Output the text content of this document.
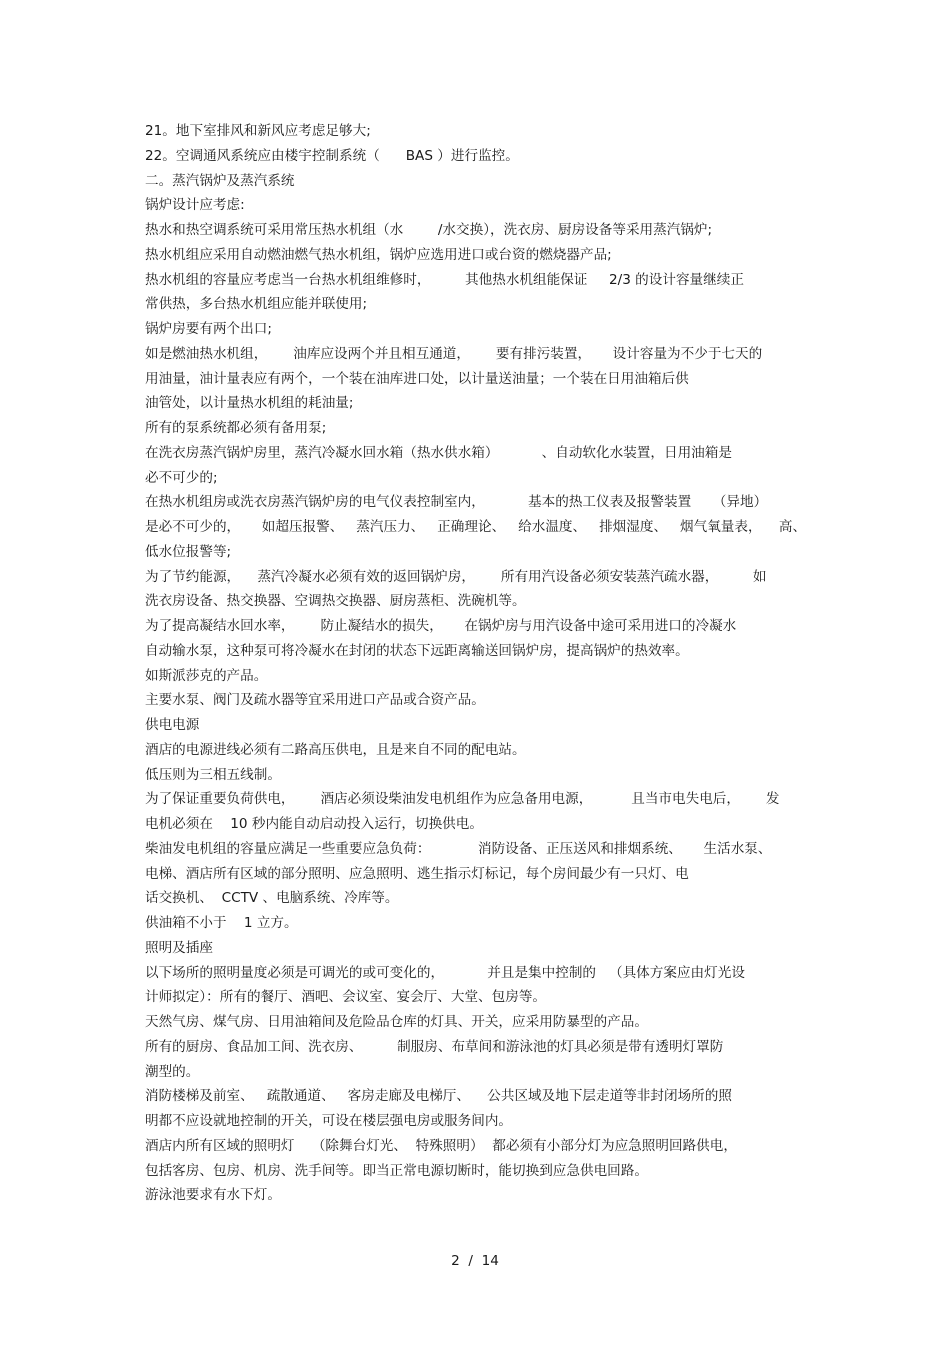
21。地下室排风和新风应考虑足够大;
22。空调通风系统应由楼宇控制系统（      BAS ）进行监控。
二。蒸汽锅炉及蒸汽系统
锅炉设计应考虑:
热水和热空调系统可采用常压热水机组（水        /水交换），洗衣房、厨房设备等采用蒸汽锅炉;
热水机组应采用自动燃油燃气热水机组，锅炉应选用进口或台资的燃烧器产品;
热水机组的容量应考虑当一台热水机组维修时，        其他热水机组能保证     2/3 的设计容量继续正
常供热，多台热水机组应能并联使用;
锅炉房要有两个出口;
如是燃油热水机组，      油库应设两个并且相互通道，      要有排污装置，     设计容量为不少于七天的
用油量，油计量表应有两个，一个装在油库进口处，以计量送油量；一个装在日用油箱后供
油管处，以计量热水机组的耗油量;
所有的泵系统都必须有备用泵;
在洗衣房蒸汽锅炉房里，蒸汽冷凝水回水箱（热水供水箱）          、自动软化水装置，日用油箱是
必不可少的;
在热水机组房或洗衣房蒸汽锅炉房的电气仪表控制室内，          基本的热工仪表及报警装置     （异地）
是必不可少的，     如超压报警、   蒸汽压力、   正确理论、   给水温度、   排烟湿度、   烟气氧量表，    高、
低水位报警等;
为了节约能源，    蒸汽冷凝水必须有效的返回锅炉房，      所有用汽设备必须安装蒸汽疏水器，        如
洗衣房设备、热交换器、空调热交换器、厨房蒸柜、洗碗机等。
为了提高凝结水回水率，      防止凝结水的损失，     在锅炉房与用汽设备中途可采用进口的冷凝水
自动输水泵，这种泵可将冷凝水在封闭的状态下远距离输送回锅炉房，提高锅炉的热效率。
如斯派莎克的产品。
主要水泵、阀门及疏水器等宜采用进口产品或合资产品。
供电电源
酒店的电源进线必须有二路高压供电，且是来自不同的配电站。
低压则为三相五线制。
为了保证重要负荷供电，      酒店必须设柴油发电机组作为应急备用电源，         且当市电失电后，      发
电机必须在    10 秒内能自动启动投入运行，切换供电。
柴油发电机组的容量应满足一些重要应急负荷：           消防设备、正压送风和排烟系统、     生活水泵、
电梯、酒店所有区域的部分照明、应急照明、逃生指示灯标记，每个房间最少有一只灯、电
话交换机、  CCTV 、电脑系统、冷库等。
供油箱不小于    1 立方。
照明及插座
以下场所的照明量度必须是可调光的或可变化的，          并且是集中控制的   （具体方案应由灯光设
计师拟定）：所有的餐厅、酒吧、会议室、宴会厅、大堂、包房等。
天然气房、煤气房、日用油箱间及危险品仓库的灯具、开关，应采用防暴型的产品。
所有的厨房、食品加工间、洗衣房、        制服房、布草间和游泳池的灯具必须是带有透明灯罩防
潮型的。
消防楼梯及前室、   疏散通道、   客房走廊及电梯厅、    公共区域及地下层走道等非封闭场所的照
明都不应设就地控制的开关，可设在楼层强电房或服务间内。
酒店内所有区域的照明灯    （除舞台灯光、  特殊照明）  都必须有小部分灯为应急照明回路供电，
包括客房、包房、机房、洗手间等。即当正常电源切断时，能切换到应急供电回路。
游泳池要求有水下灯。
2  /  14
